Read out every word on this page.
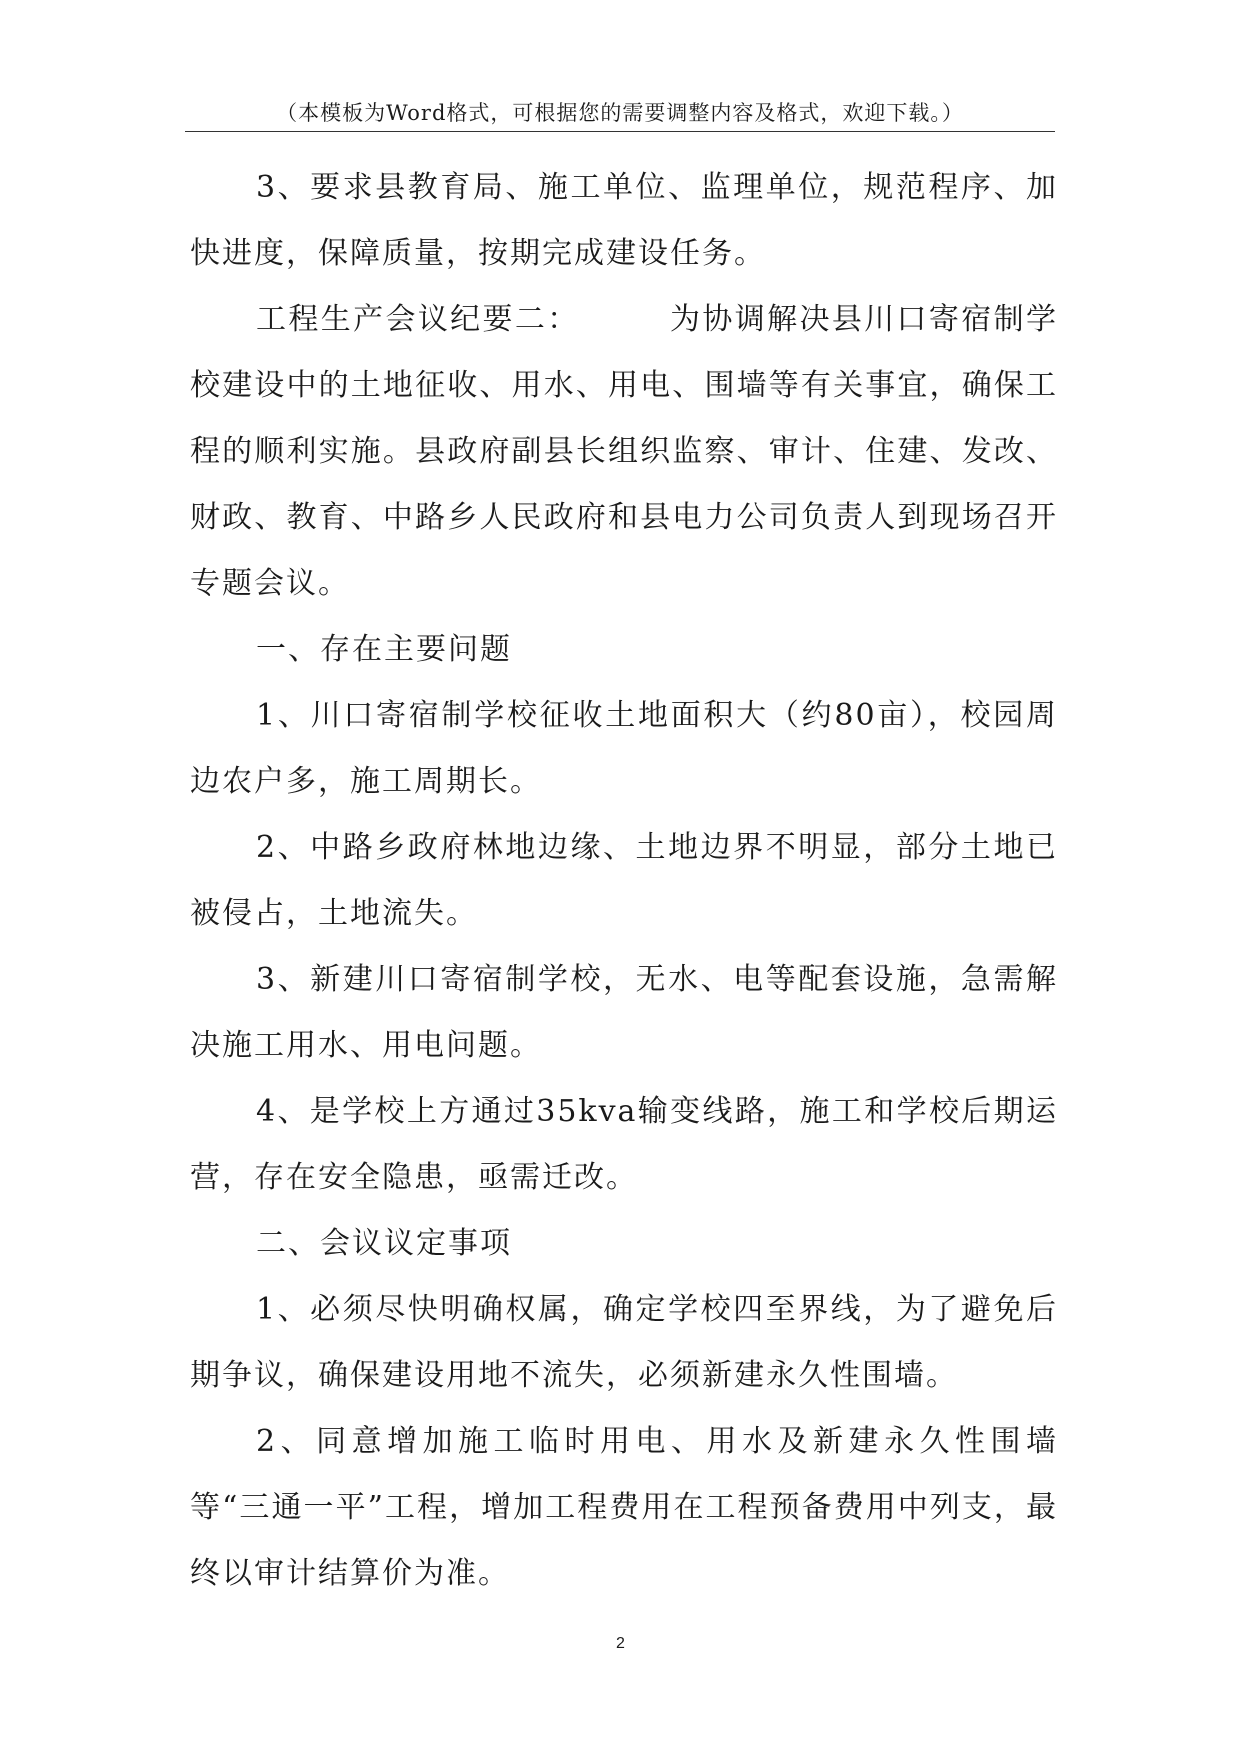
（本模板为Word格式，可根据您的需要调整内容及格式，欢迎下载。）

3、要求县教育局、施工单位、监理单位，规范程序、加快进度，保障质量，按期完成建设任务。

工程生产会议纪要二：	为协调解决县川口寄宿制学校建设中的土地征收、用水、用电、围墙等有关事宜，确保工程的顺利实施。县政府副县长组织监察、审计、住建、发改、财政、教育、中路乡人民政府和县电力公司负责人到现场召开专题会议。

一、存在主要问题

1、川口寄宿制学校征收土地面积大（约80亩），校园周边农户多，施工周期长。

2、中路乡政府林地边缘、土地边界不明显，部分土地已被侵占，土地流失。

3、新建川口寄宿制学校，无水、电等配套设施，急需解决施工用水、用电问题。

4、是学校上方通过35kva输变线路，施工和学校后期运营，存在安全隐患，亟需迁改。

二、会议议定事项

1、必须尽快明确权属，确定学校四至界线，为了避免后期争议，确保建设用地不流失，必须新建永久性围墙。

2、同意增加施工临时用电、用水及新建永久性围墙等“三通一平”工程，增加工程费用在工程预备费用中列支，最终以审计结算价为准。

2
